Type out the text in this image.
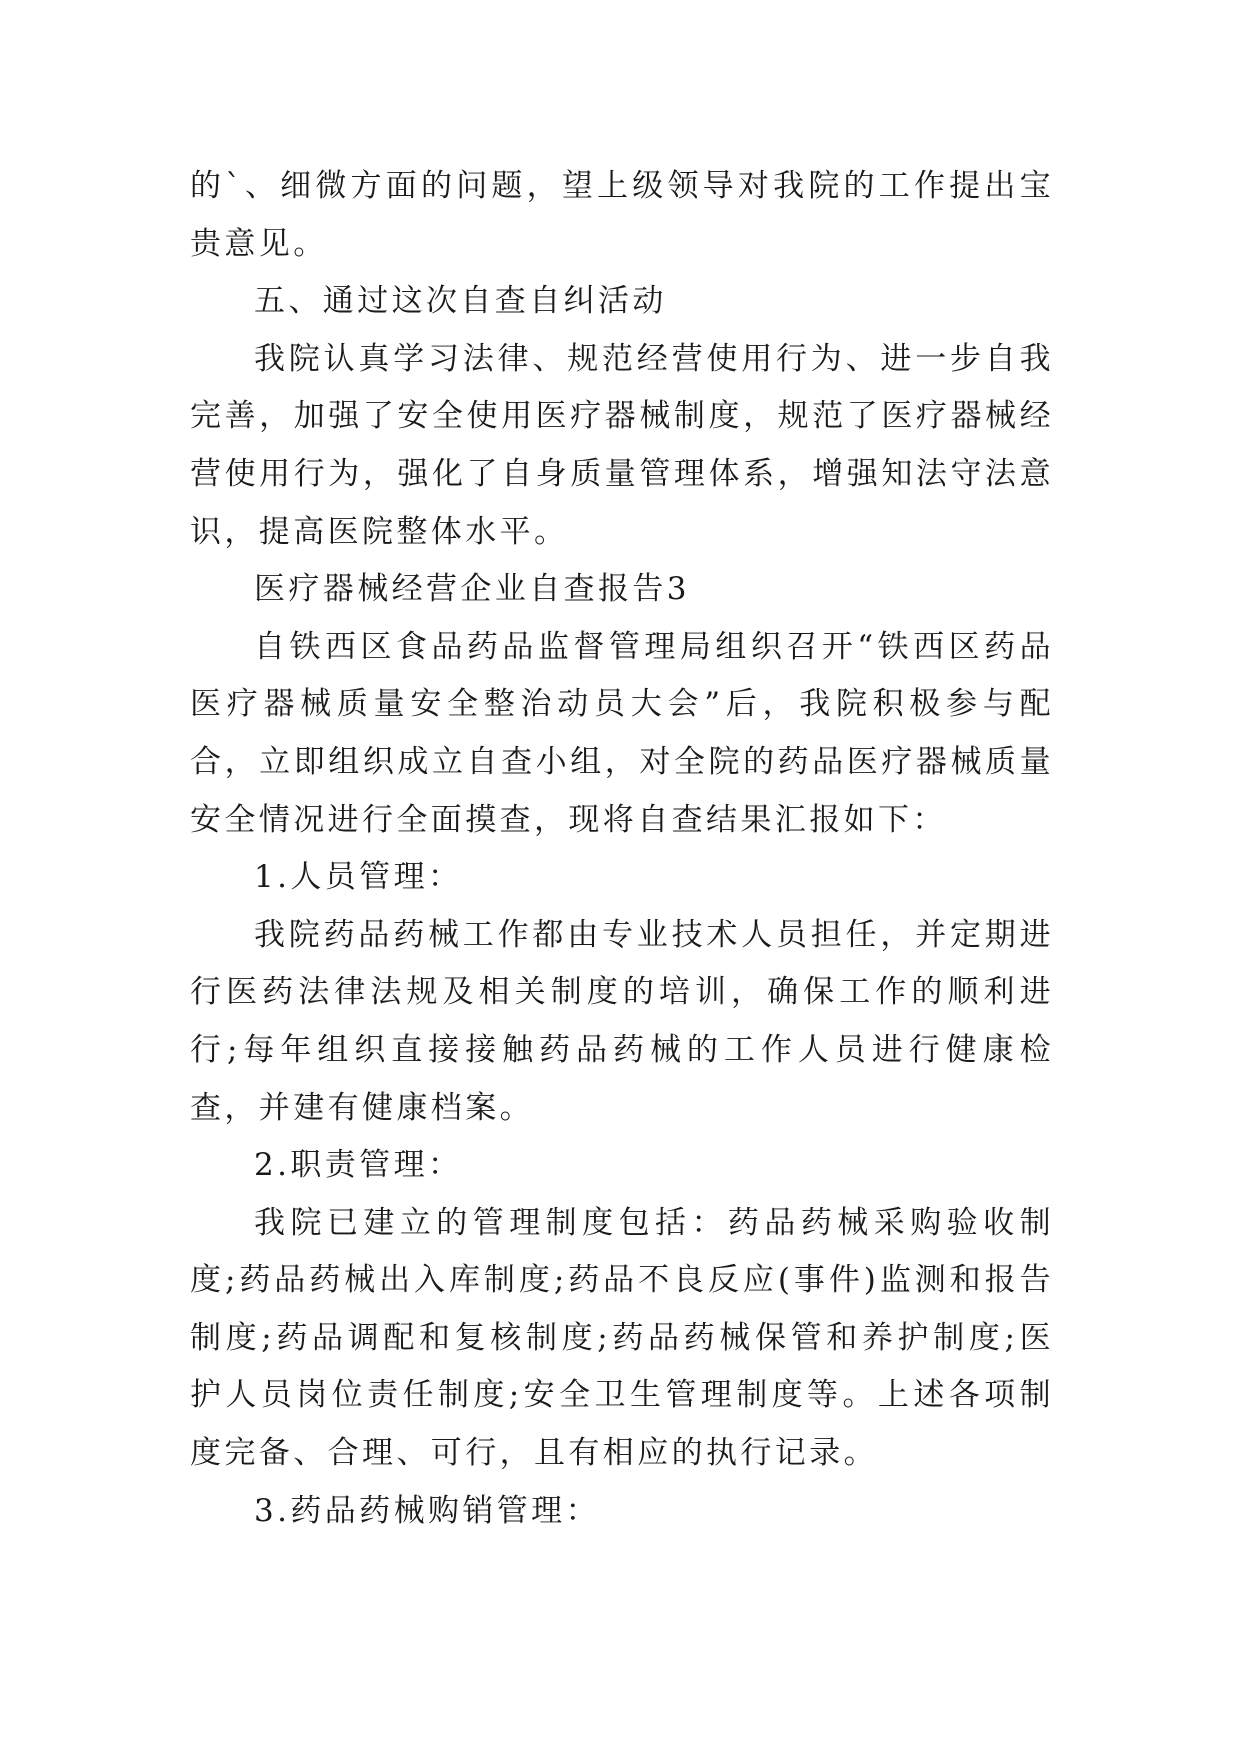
的`、细微方面的问题，望上级领导对我院的工作提出宝贵意见。

五、通过这次自查自纠活动

我院认真学习法律、规范经营使用行为、进一步自我完善，加强了安全使用医疗器械制度，规范了医疗器械经营使用行为，强化了自身质量管理体系，增强知法守法意识，提高医院整体水平。

医疗器械经营企业自查报告3

自铁西区食品药品监督管理局组织召开“铁西区药品医疗器械质量安全整治动员大会”后，我院积极参与配合，立即组织成立自查小组，对全院的药品医疗器械质量安全情况进行全面摸查，现将自查结果汇报如下：

1.人员管理：

我院药品药械工作都由专业技术人员担任，并定期进行医药法律法规及相关制度的培训，确保工作的顺利进行;每年组织直接接触药品药械的工作人员进行健康检查，并建有健康档案。

2.职责管理：

我院已建立的管理制度包括：药品药械采购验收制度;药品药械出入库制度;药品不良反应(事件)监测和报告制度;药品调配和复核制度;药品药械保管和养护制度;医护人员岗位责任制度;安全卫生管理制度等。上述各项制度完备、合理、可行，且有相应的执行记录。

3.药品药械购销管理：
